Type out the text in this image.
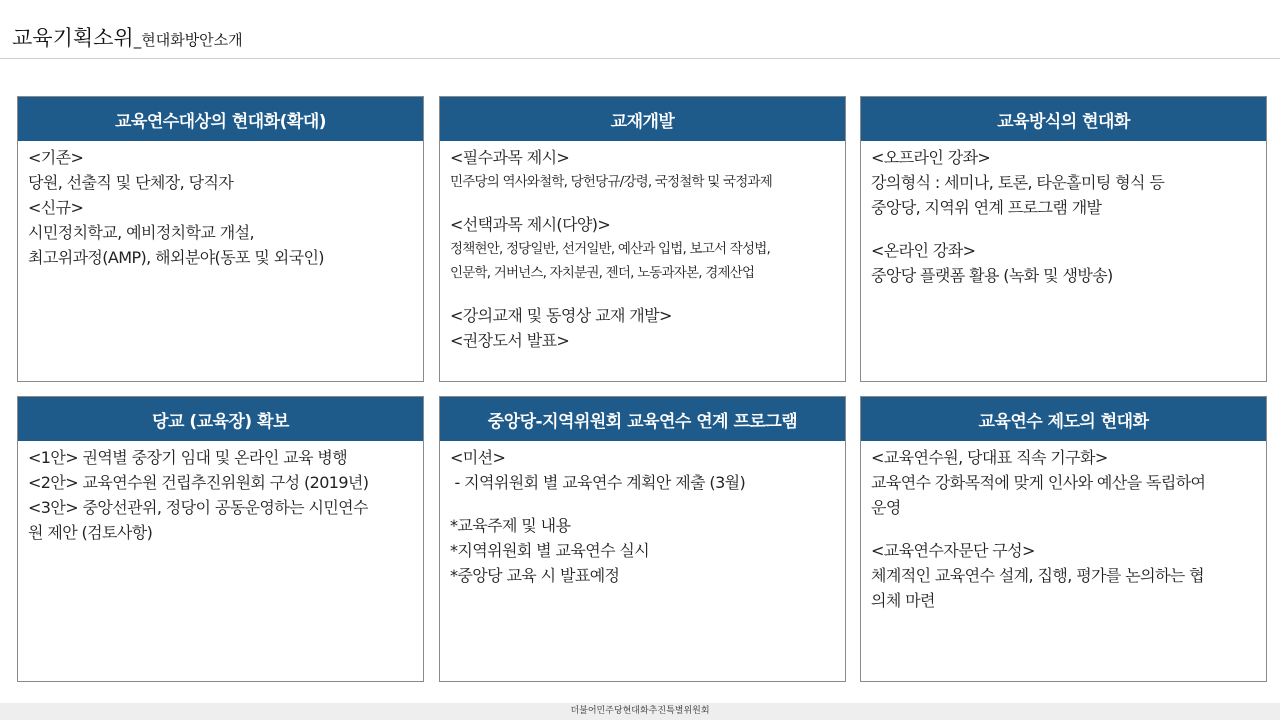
교육기획소위_현대화방안소개
교육연수대상의 현대화(확대)
<기존>
당원, 선출직 및 단체장, 당직자
<신규>
시민정치학교, 예비정치학교 개설,
최고위과정(AMP), 해외분야(동포 및 외국인)
교재개발
<필수과목 제시>
민주당의 역사와철학, 당헌당규/강령, 국정철학 및 국정과제
<선택과목 제시(다양)>
정책현안, 정당일반, 선거일반, 예산과 입법, 보고서 작성법,
인문학, 거버넌스, 자치분권, 젠더, 노동과자본, 경제산업
<강의교재 및 동영상 교재 개발>
<권장도서 발표>
교육방식의 현대화
<오프라인 강좌>
강의형식 : 세미나, 토론, 타운홀미팅 형식 등
중앙당, 지역위 연계 프로그램 개발
<온라인 강좌>
중앙당 플랫폼 활용 (녹화 및 생방송)
당교 (교육장) 확보
<1안> 권역별 중장기 임대 및 온라인 교육 병행
<2안> 교육연수원 건립추진위원회 구성 (2019년)
<3안> 중앙선관위, 정당이 공동운영하는 시민연수
원 제안 (검토사항)
중앙당-지역위원회 교육연수 연계 프로그램
<미션>
- 지역위원회 별 교육연수 계획안 제출 (3월)
*교육주제 및 내용
*지역위원회 별 교육연수 실시
*중앙당 교육 시 발표예정
교육연수 제도의 현대화
<교육연수원, 당대표 직속 기구화>
교육연수 강화목적에 맞게 인사와 예산을 독립하여
운영
<교육연수자문단 구성>
체계적인 교육연수 설계, 집행, 평가를 논의하는 협
의체 마련
더불어민주당현대화추진특별위원회
